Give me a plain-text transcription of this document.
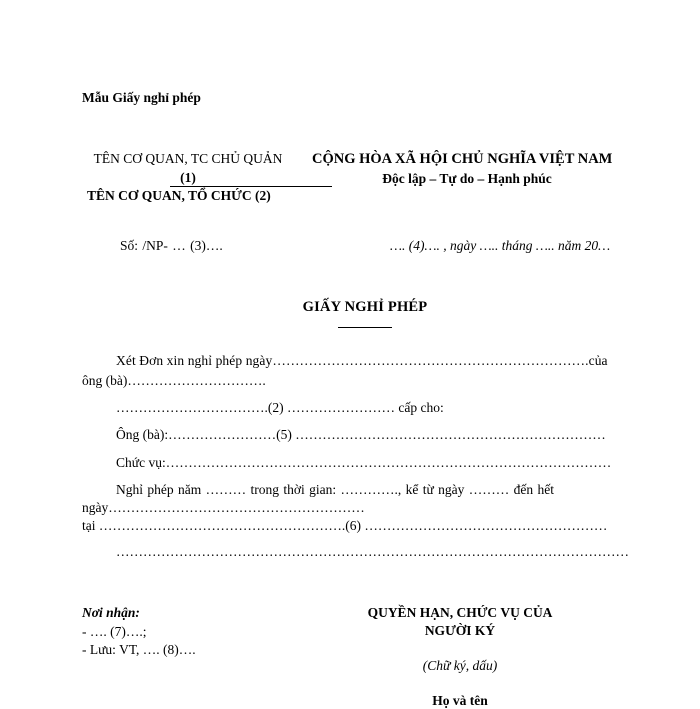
Mẫu Giấy nghỉ phép
TÊN CƠ QUAN, TC CHỦ QUẢN
(1)
TÊN CƠ QUAN, TỔ CHỨC (2)
CỘNG HÒA XÃ HỘI CHỦ NGHĨA VIỆT NAM
Độc lập – Tự do – Hạnh phúc
Số: /NP- … (3)….	…. (4)…. , ngày ….. tháng ….. năm 20…
GIẤY NGHỈ PHÉP
Xét Đơn xin nghỉ phép ngày…………………………………………………………….của
ông (bà)………………………….
…………………………….(2) …………………… cấp cho:
Ông (bà):……………………(5) ……………………………………………………………
Chức vụ:………………………………………………………………………………………
Nghỉ phép năm ……… trong thời gian: …………., kể từ ngày ……… đến hết
ngày…………………………………………………
tại ……………………………………………….(6) ………………………………………………
……………………………………………………………………………………………………
Nơi nhận:
- …. (7)….;
- Lưu: VT, …. (8)….
QUYỀN HẠN, CHỨC VỤ CỦA
NGƯỜI KÝ
(Chữ ký, dấu)
Họ và tên
